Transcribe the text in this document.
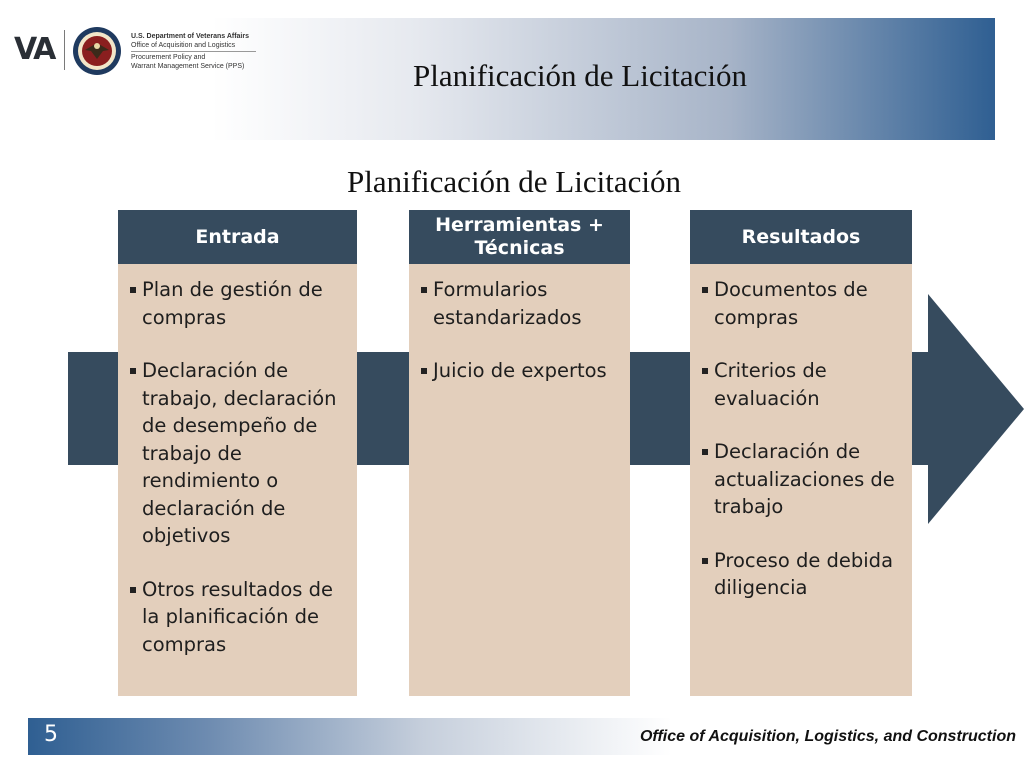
VA	U.S. Department of Veterans Affairs
Office of Acquisition and Logistics
Procurement Policy and
Warrant Management Service (PPS)	Planificación de Licitación
Planificación de Licitación
Entrada
Plan de gestión de compras
Declaración de trabajo, declaración de desempeño de trabajo de rendimiento o declaración de objetivos
Otros resultados de la planificación de compras
Herramientas + Técnicas
Formularios estandarizados
Juicio de expertos
Resultados
Documentos de compras
Criterios de evaluación
Declaración de actualizaciones de trabajo
Proceso de debida diligencia
5	Office of Acquisition, Logistics, and Construction
